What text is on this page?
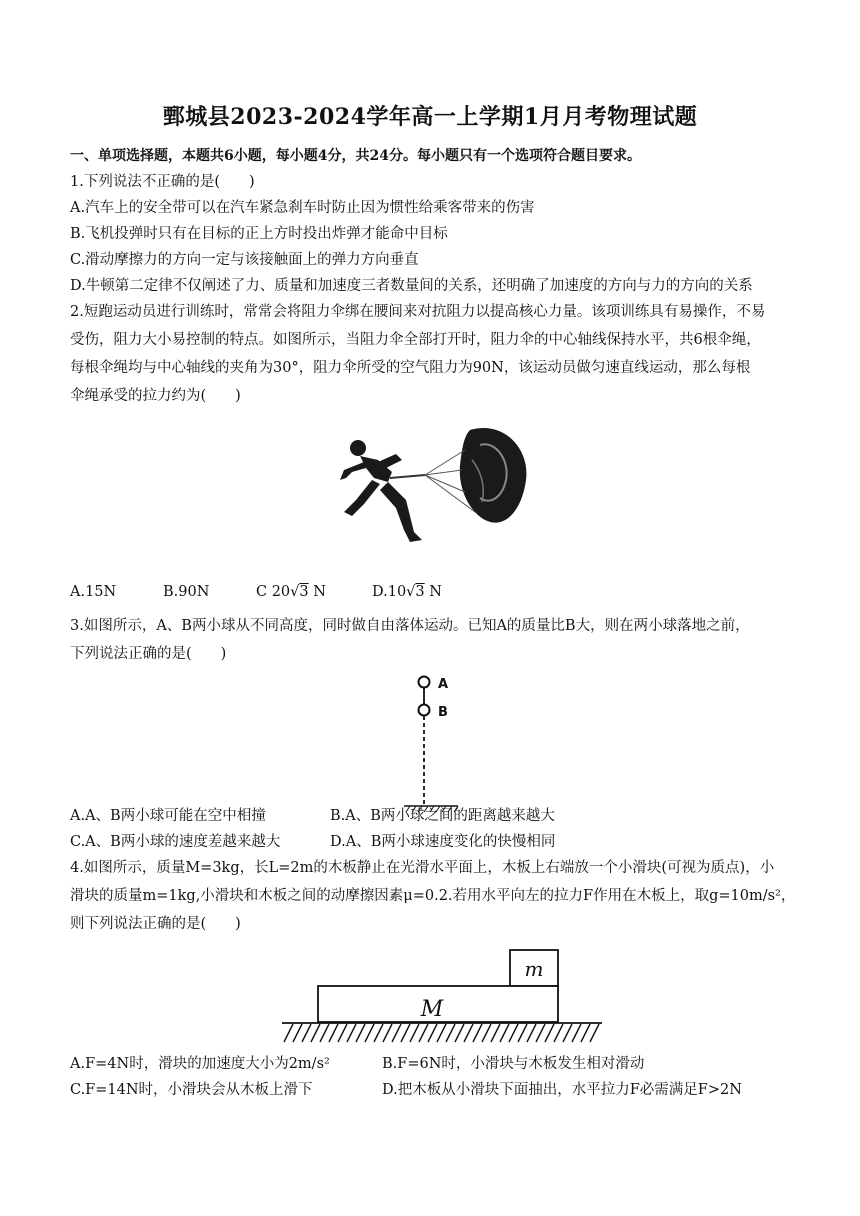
鄄城县2023-2024学年高一上学期1月月考物理试题
一、单项选择题，本题共6小题，每小题4分，共24分。每小题只有一个选项符合题目要求。
1.下列说法不正确的是(　　)
A.汽车上的安全带可以在汽车紧急刹车时防止因为惯性给乘客带来的伤害
B.飞机投弹时只有在目标的正上方时投出炸弹才能命中目标
C.滑动摩擦力的方向一定与该接触面上的弹力方向垂直
D.牛顿第二定律不仅阐述了力、质量和加速度三者数量间的关系，还明确了加速度的方向与力的方向的关系
2.短跑运动员进行训练时，常常会将阻力伞绑在腰间来对抗阻力以提高核心力量。该项训练具有易操作，不易
受伤，阻力大小易控制的特点。如图所示，当阻力伞全部打开时，阻力伞的中心轴线保持水平，共6根伞绳，
每根伞绳均与中心轴线的夹角为30°，阻力伞所受的空气阻力为90N，该运动员做匀速直线运动，那么每根
伞绳承受的拉力约为(　　)
A.15N	B.90N	C 20√3 N	D.10√3 N
3.如图所示，A、B两小球从不同高度，同时做自由落体运动。已知A的质量比B大，则在两小球落地之前，
下列说法正确的是(　　)
A
B
A.A、B两小球可能在空中相撞	B.A、B两小球之间的距离越来越大
C.A、B两小球的速度差越来越大	D.A、B两小球速度变化的快慢相同
4.如图所示，质量M=3kg，长L=2m的木板静止在光滑水平面上，木板上右端放一个小滑块(可视为质点)，小
滑块的质量m=1kg,小滑块和木板之间的动摩擦因素μ=0.2.若用水平向左的拉力F作用在木板上，取g=10m/s²，
则下列说法正确的是(　　)
m
M
A.F=4N时，滑块的加速度大小为2m/s²	B.F=6N时，小滑块与木板发生相对滑动
C.F=14N时，小滑块会从木板上滑下	D.把木板从小滑块下面抽出，水平拉力F必需满足F>2N
